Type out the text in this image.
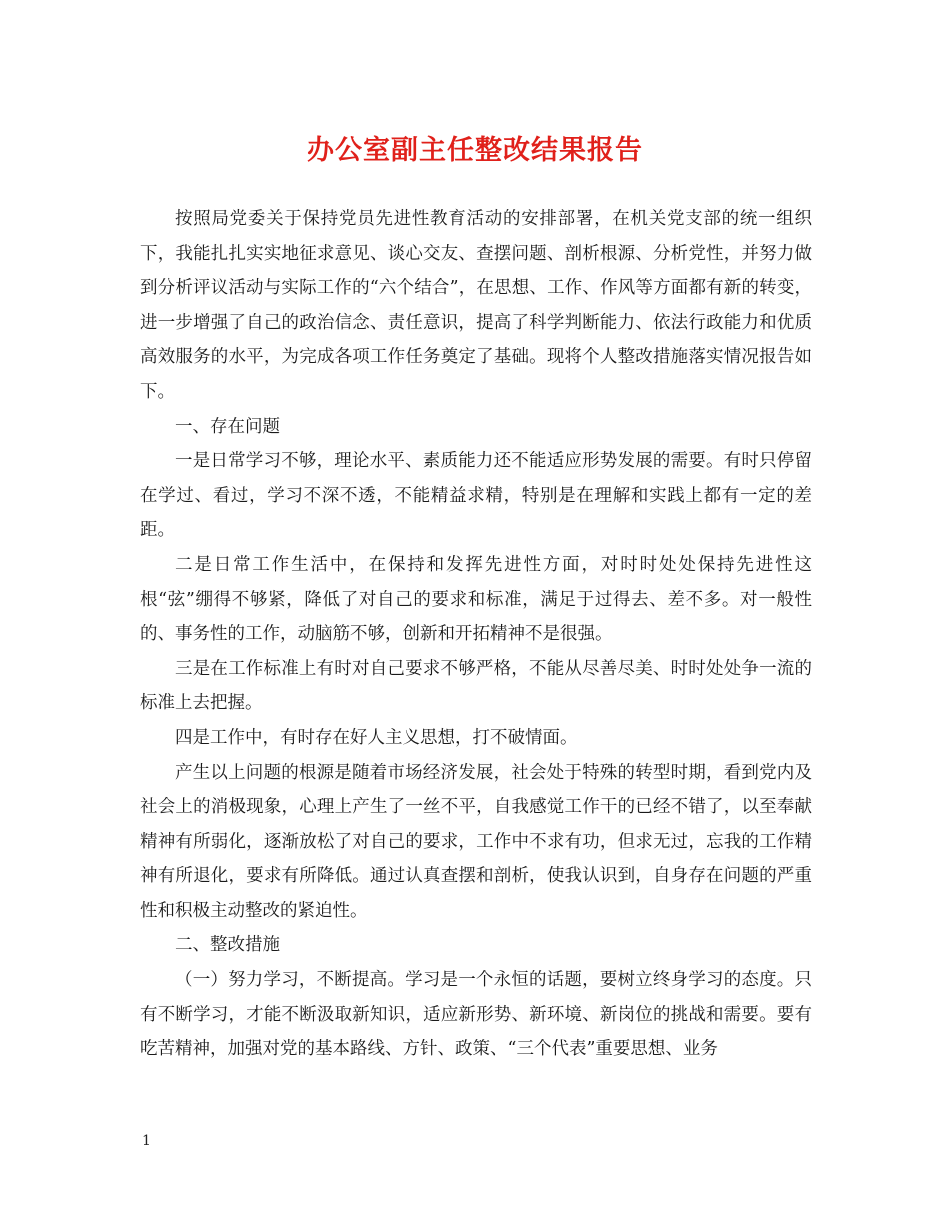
办公室副主任整改结果报告

按照局党委关于保持党员先进性教育活动的安排部署，在机关党支部的统一组织下，我能扎扎实实地征求意见、谈心交友、查摆问题、剖析根源、分析党性，并努力做到分析评议活动与实际工作的“六个结合”，在思想、工作、作风等方面都有新的转变，进一步增强了自己的政治信念、责任意识，提高了科学判断能力、依法行政能力和优质高效服务的水平，为完成各项工作任务奠定了基础。现将个人整改措施落实情况报告如下。

一、存在问题

一是日常学习不够，理论水平、素质能力还不能适应形势发展的需要。有时只停留在学过、看过，学习不深不透，不能精益求精，特别是在理解和实践上都有一定的差距。

二是日常工作生活中，在保持和发挥先进性方面，对时时处处保持先进性这根“弦”绷得不够紧，降低了对自己的要求和标准，满足于过得去、差不多。对一般性的、事务性的工作，动脑筋不够，创新和开拓精神不是很强。

三是在工作标准上有时对自己要求不够严格，不能从尽善尽美、时时处处争一流的标准上去把握。

四是工作中，有时存在好人主义思想，打不破情面。

产生以上问题的根源是随着市场经济发展，社会处于特殊的转型时期，看到党内及社会上的消极现象，心理上产生了一丝不平，自我感觉工作干的已经不错了，以至奉献精神有所弱化，逐渐放松了对自己的要求，工作中不求有功，但求无过，忘我的工作精神有所退化，要求有所降低。通过认真查摆和剖析，使我认识到，自身存在问题的严重性和积极主动整改的紧迫性。

二、整改措施

（一）努力学习，不断提高。学习是一个永恒的话题，要树立终身学习的态度。只有不断学习，才能不断汲取新知识，适应新形势、新环境、新岗位的挑战和需要。要有吃苦精神，加强对党的基本路线、方针、政策、“三个代表”重要思想、业务

1
